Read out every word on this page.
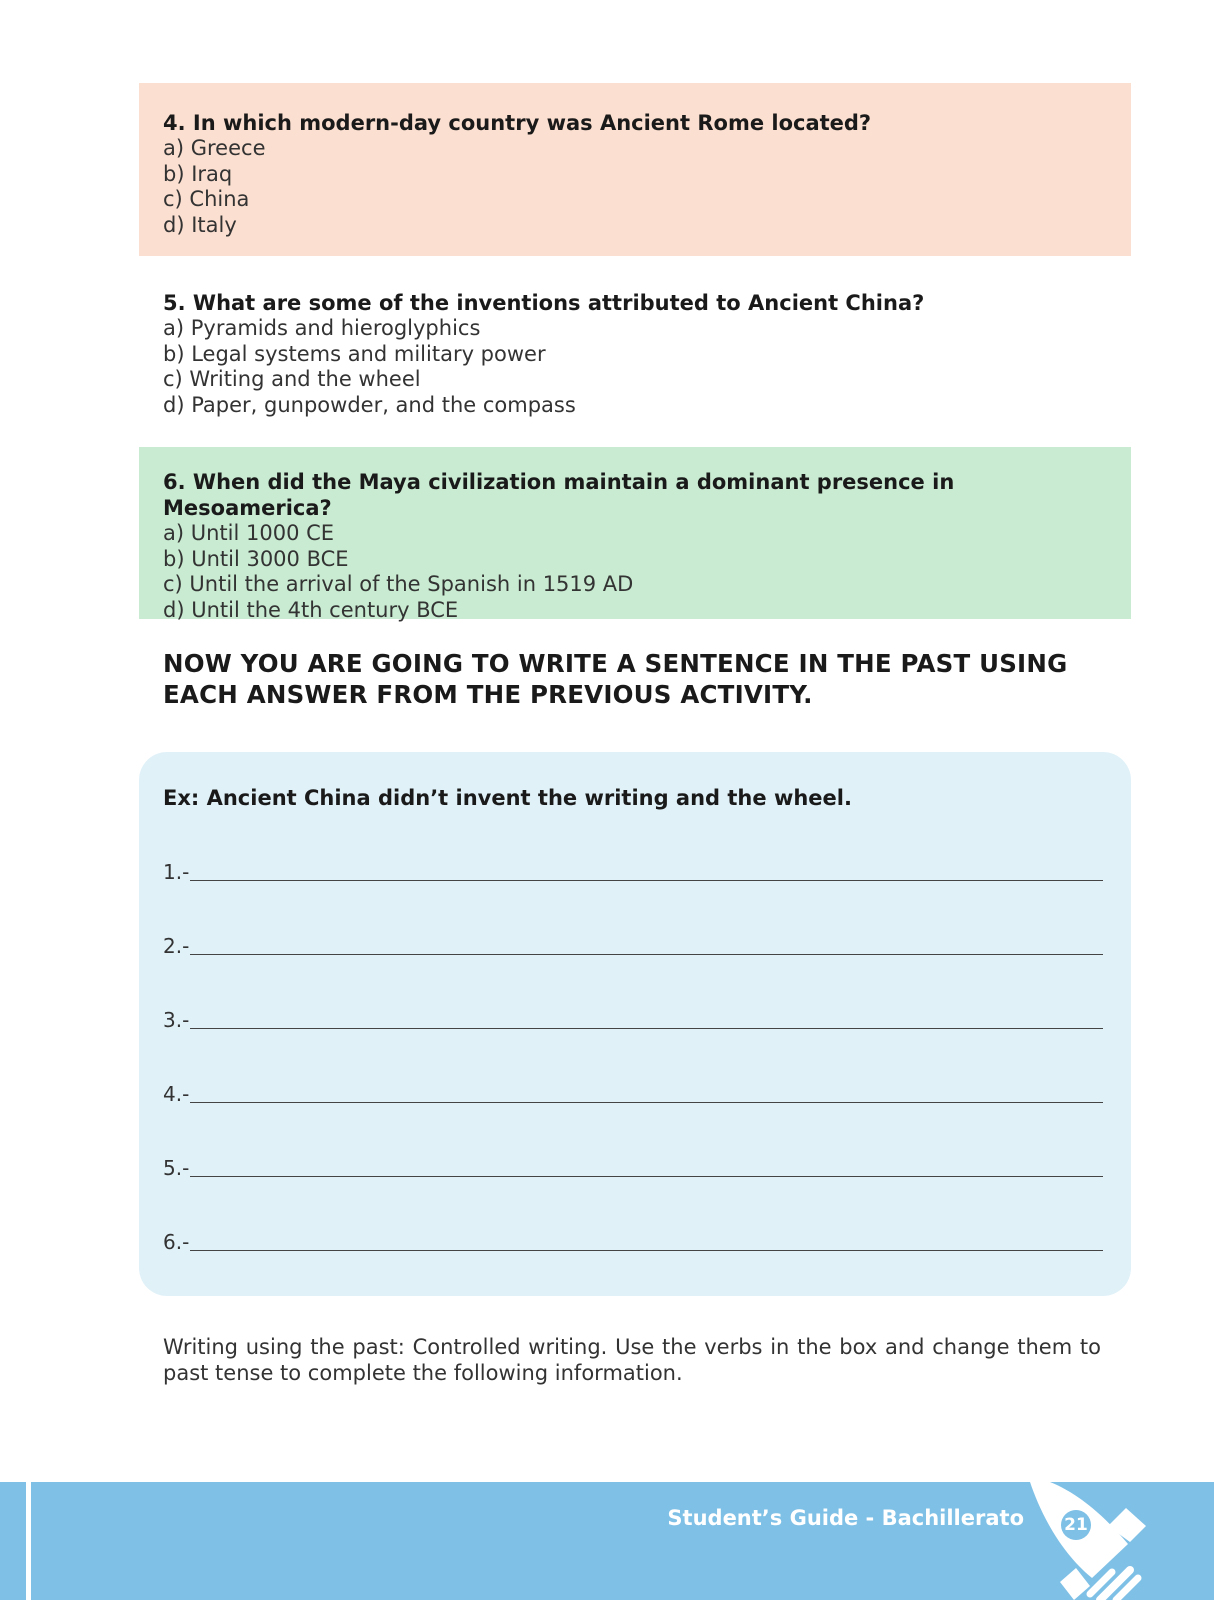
4. In which modern-day country was Ancient Rome located?
a) Greece
b) Iraq
c) China
d) Italy
5. What are some of the inventions attributed to Ancient China?
a) Pyramids and hieroglyphics
b) Legal systems and military power
c) Writing and the wheel
d) Paper, gunpowder, and the compass
6. When did the Maya civilization maintain a dominant presence in Mesoamerica?
a) Until 1000 CE
b) Until 3000 BCE
c) Until the arrival of the Spanish in 1519 AD
d) Until the 4th century BCE
NOW YOU ARE GOING TO WRITE A SENTENCE IN THE PAST USING EACH ANSWER FROM THE PREVIOUS ACTIVITY.
Ex: Ancient China didn’t invent the writing and the wheel.
1.-
2.-
3.-
4.-
5.-
6.-
Writing using the past: Controlled writing. Use the verbs in the box and change them to past tense to complete the following information.
Student’s Guide - Bachillerato 21
